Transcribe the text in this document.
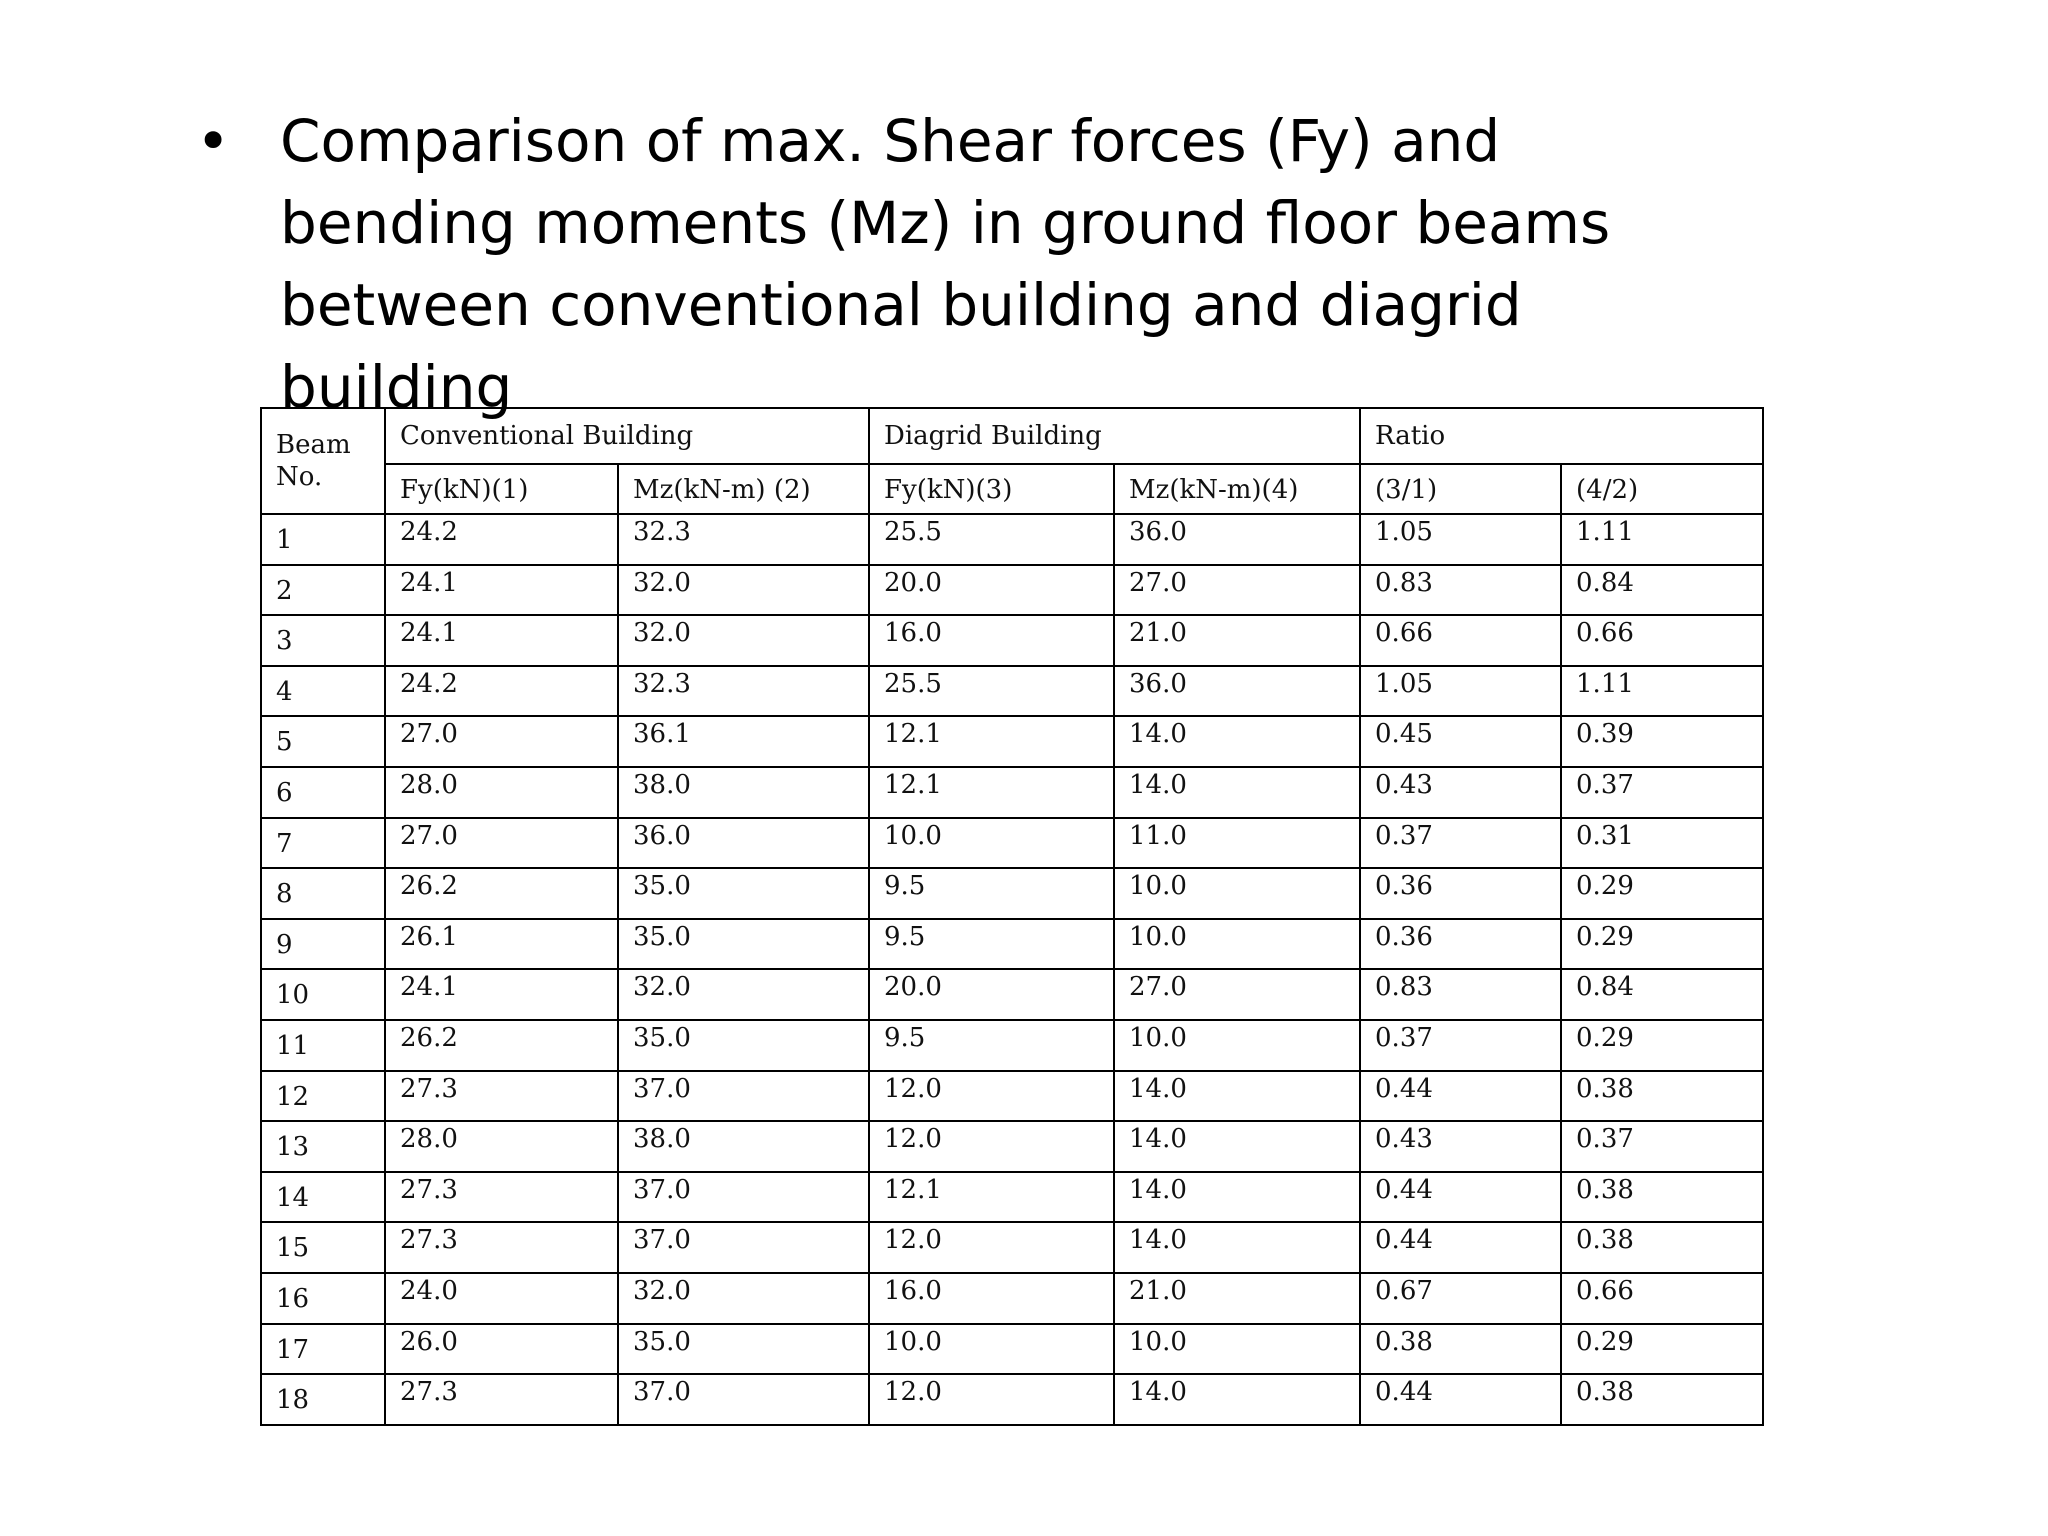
• Comparison of max. Shear forces (Fy) and bending moments (Mz) in ground floor beams between conventional building and diagrid building
Beam No.	Conventional Building		Diagrid Building		Ratio	
	Fy(kN)(1)	Mz(kN-m) (2)	Fy(kN)(3)	Mz(kN-m)(4)	(3/1)	(4/2)
1	24.2	32.3	25.5	36.0	1.05	1.11
2	24.1	32.0	20.0	27.0	0.83	0.84
3	24.1	32.0	16.0	21.0	0.66	0.66
4	24.2	32.3	25.5	36.0	1.05	1.11
5	27.0	36.1	12.1	14.0	0.45	0.39
6	28.0	38.0	12.1	14.0	0.43	0.37
7	27.0	36.0	10.0	11.0	0.37	0.31
8	26.2	35.0	9.5	10.0	0.36	0.29
9	26.1	35.0	9.5	10.0	0.36	0.29
10	24.1	32.0	20.0	27.0	0.83	0.84
11	26.2	35.0	9.5	10.0	0.37	0.29
12	27.3	37.0	12.0	14.0	0.44	0.38
13	28.0	38.0	12.0	14.0	0.43	0.37
14	27.3	37.0	12.1	14.0	0.44	0.38
15	27.3	37.0	12.0	14.0	0.44	0.38
16	24.0	32.0	16.0	21.0	0.67	0.66
17	26.0	35.0	10.0	10.0	0.38	0.29
18	27.3	37.0	12.0	14.0	0.44	0.38
